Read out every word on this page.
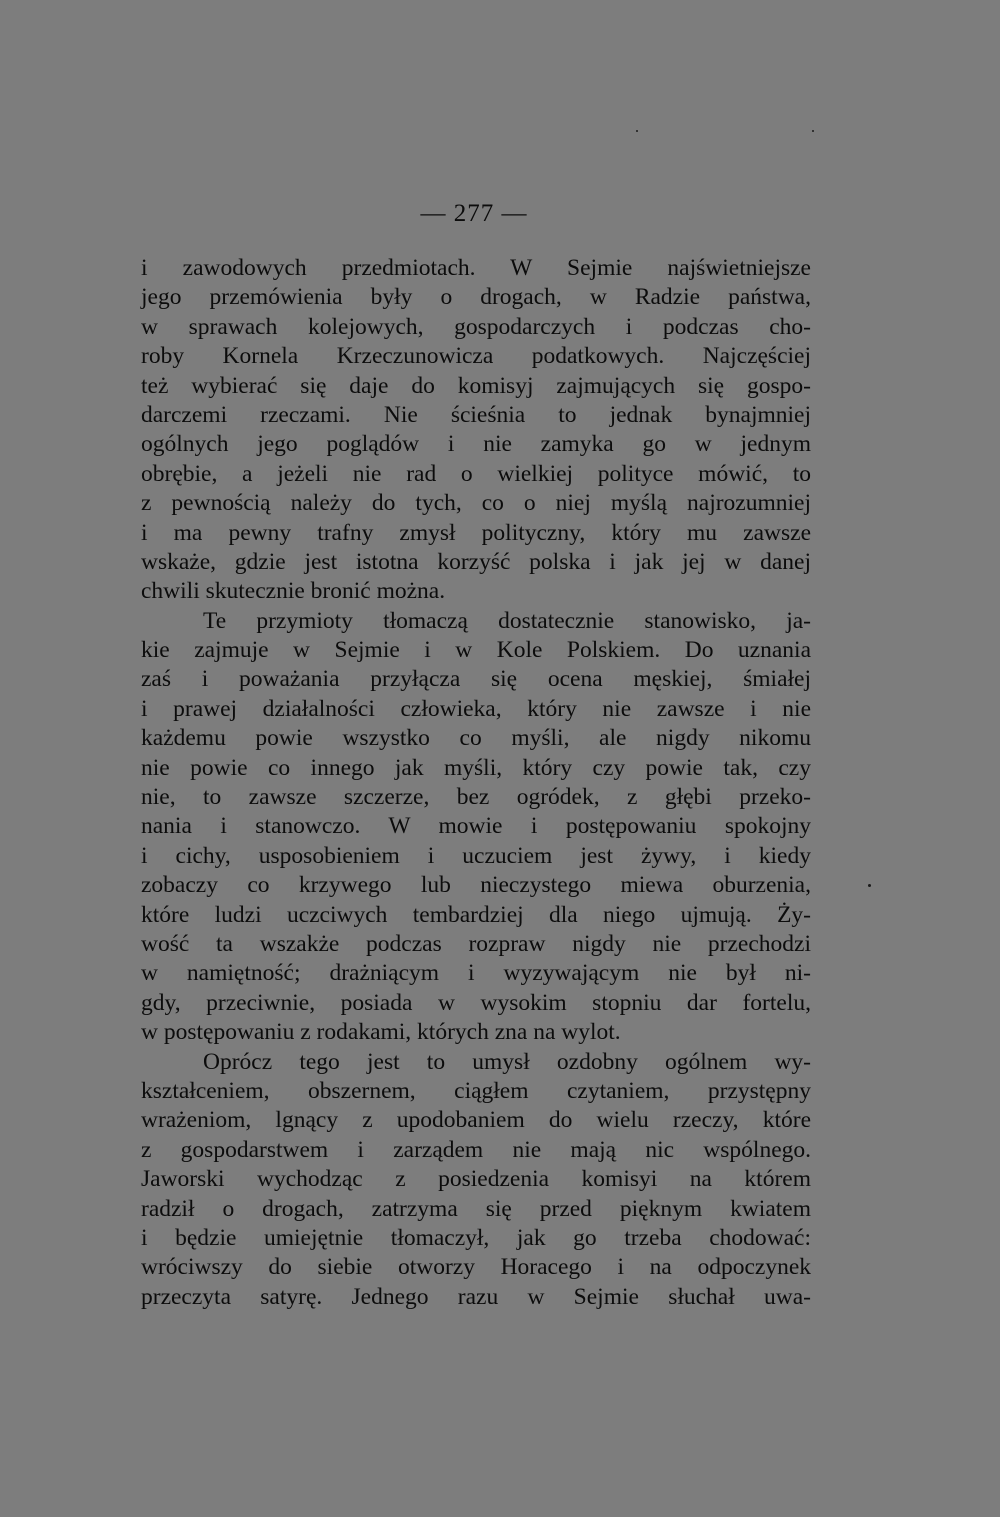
— 277 —
i zawodowych przedmiotach. W Sejmie najświetniejsze
jego przemówienia były o drogach, w Radzie państwa,
w sprawach kolejowych, gospodarczych i podczas cho-
roby Kornela Krzeczunowicza podatkowych. Najczęściej
też wybierać się daje do komisyj zajmujących się gospo-
darczemi rzeczami. Nie ścieśnia to jednak bynajmniej
ogólnych jego poglądów i nie zamyka go w jednym
obrębie, a jeżeli nie rad o wielkiej polityce mówić, to
z pewnością należy do tych, co o niej myślą najrozumniej
i ma pewny trafny zmysł polityczny, który mu zawsze
wskaże, gdzie jest istotna korzyść polska i jak jej w danej
chwili skutecznie bronić można.
Te przymioty tłomaczą dostatecznie stanowisko, ja-
kie zajmuje w Sejmie i w Kole Polskiem. Do uznania
zaś i poważania przyłącza się ocena męskiej, śmiałej
i prawej działalności człowieka, który nie zawsze i nie
każdemu powie wszystko co myśli, ale nigdy nikomu
nie powie co innego jak myśli, który czy powie tak, czy
nie, to zawsze szczerze, bez ogródek, z głębi przeko-
nania i stanowczo. W mowie i postępowaniu spokojny
i cichy, usposobieniem i uczuciem jest żywy, i kiedy
zobaczy co krzywego lub nieczystego miewa oburzenia,
które ludzi uczciwych tembardziej dla niego ujmują. Ży-
wość ta wszakże podczas rozpraw nigdy nie przechodzi
w namiętność; drażniącym i wyzywającym nie był ni-
gdy, przeciwnie, posiada w wysokim stopniu dar fortelu,
w postępowaniu z rodakami, których zna na wylot.
Oprócz tego jest to umysł ozdobny ogólnem wy-
kształceniem, obszernem, ciągłem czytaniem, przystępny
wrażeniom, lgnący z upodobaniem do wielu rzeczy, które
z gospodarstwem i zarządem nie mają nic wspólnego.
Jaworski wychodząc z posiedzenia komisyi na którem
radził o drogach, zatrzyma się przed pięknym kwiatem
i będzie umiejętnie tłomaczył, jak go trzeba chodować:
wróciwszy do siebie otworzy Horacego i na odpoczynek
przeczyta satyrę. Jednego razu w Sejmie słuchał uwa-
